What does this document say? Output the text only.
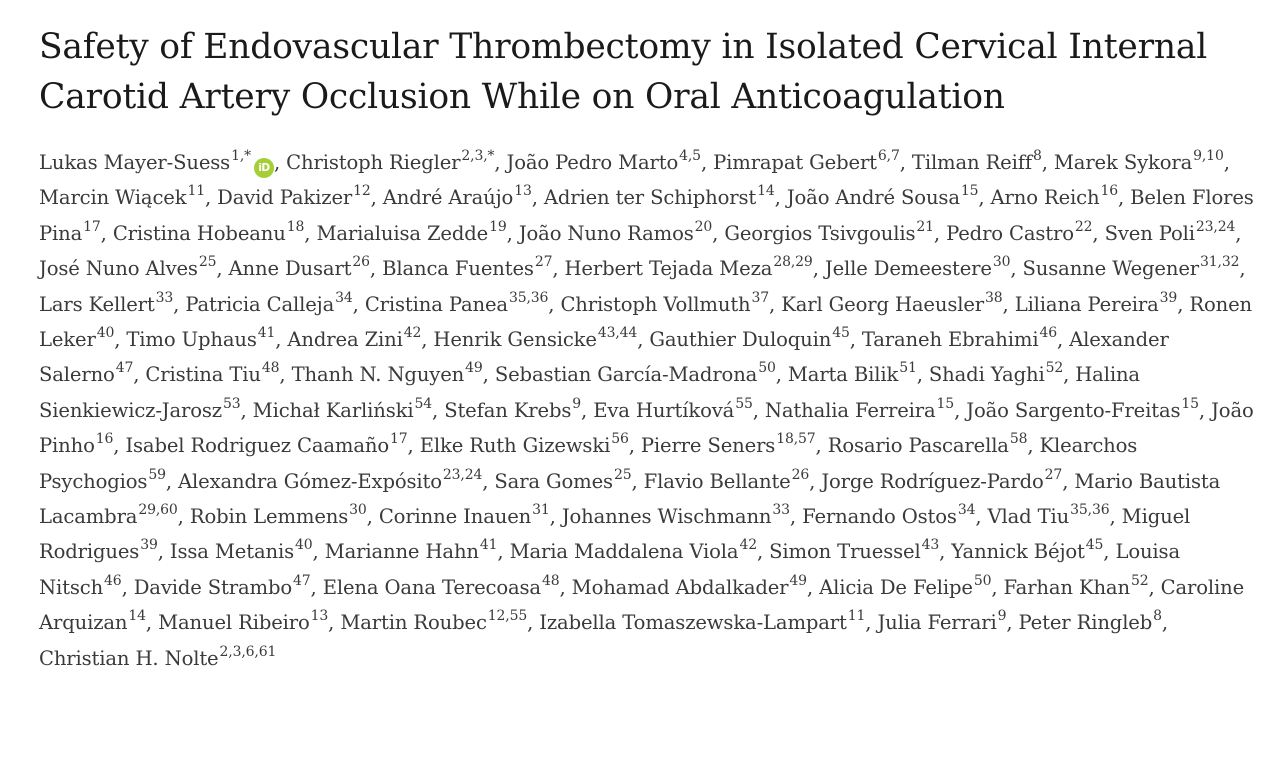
Safety of Endovascular Thrombectomy in Isolated Cervical Internal Carotid Artery Occlusion While on Oral Anticoagulation
Lukas Mayer-Suess$^{1,*}$iD , Christoph Riegler$^{2,3,*}$, João Pedro Marto$^{4,5}$, Pimrapat Gebert$^{6,7}$, Tilman Reiff$^8$, Marek Sykora$^{9,10}$, Marcin Wiącek$^{11}$, David Pakizer$^{12}$, André Araújo$^{13}$, Adrien ter Schiphorst$^{14}$, João André Sousa$^{15}$, Arno Reich$^{16}$, Belen Flores Pina$^{17}$, Cristina Hobeanu$^{18}$, Marialuisa Zedde$^{19}$, João Nuno Ramos$^{20}$, Georgios Tsivgoulis$^{21}$, Pedro Castro$^{22}$, Sven Poli$^{23,24}$, José Nuno Alves$^{25}$, Anne Dusart$^{26}$, Blanca Fuentes$^{27}$, Herbert Tejada Meza$^{28,29}$, Jelle Demeestere$^{30}$, Susanne Wegener$^{31,32}$, Lars Kellert$^{33}$, Patricia Calleja$^{34}$, Cristina Panea$^{35,36}$, Christoph Vollmuth$^{37}$, Karl Georg Haeusler$^{38}$, Liliana Pereira$^{39}$, Ronen Leker$^{40}$, Timo Uphaus$^{41}$, Andrea Zini$^{42}$, Henrik Gensicke$^{43,44}$, Gauthier Duloquin$^{45}$, Taraneh Ebrahimi$^{46}$, Alexander Salerno$^{47}$, Cristina Tiu$^{48}$, Thanh N. Nguyen$^{49}$, Sebastian García-Madrona$^{50}$, Marta Bilik$^{51}$, Shadi Yaghi$^{52}$, Halina Sienkiewicz-Jarosz$^{53}$, Michał Karliński$^{54}$, Stefan Krebs$^9$, Eva Hurtíková$^{55}$, Nathalia Ferreira$^{15}$, João Sargento-Freitas$^{15}$, João Pinho$^{16}$, Isabel Rodriguez Caamaño$^{17}$, Elke Ruth Gizewski$^{56}$, Pierre Seners$^{18,57}$, Rosario Pascarella$^{58}$, Klearchos Psychogios$^{59}$, Alexandra Gómez-Expósito$^{23,24}$, Sara Gomes$^{25}$, Flavio Bellante$^{26}$, Jorge Rodríguez-Pardo$^{27}$, Mario Bautista Lacambra$^{29,60}$, Robin Lemmens$^{30}$, Corinne Inauen$^{31}$, Johannes Wischmann$^{33}$, Fernando Ostos$^{34}$, Vlad Tiu$^{35,36}$, Miguel Rodrigues$^{39}$, Issa Metanis$^{40}$, Marianne Hahn$^{41}$, Maria Maddalena Viola$^{42}$, Simon Truessel$^{43}$, Yannick Béjot$^{45}$, Louisa Nitsch$^{46}$, Davide Strambo$^{47}$, Elena Oana Terecoasa$^{48}$, Mohamad Abdalkader$^{49}$, Alicia De Felipe$^{50}$, Farhan Khan$^{52}$, Caroline Arquizan$^{14}$, Manuel Ribeiro$^{13}$, Martin Roubec$^{12,55}$, Izabella Tomaszewska-Lampart$^{11}$, Julia Ferrari$^9$, Peter Ringleb$^8$, Christian H. Nolte$^{2,3,6,61}$
